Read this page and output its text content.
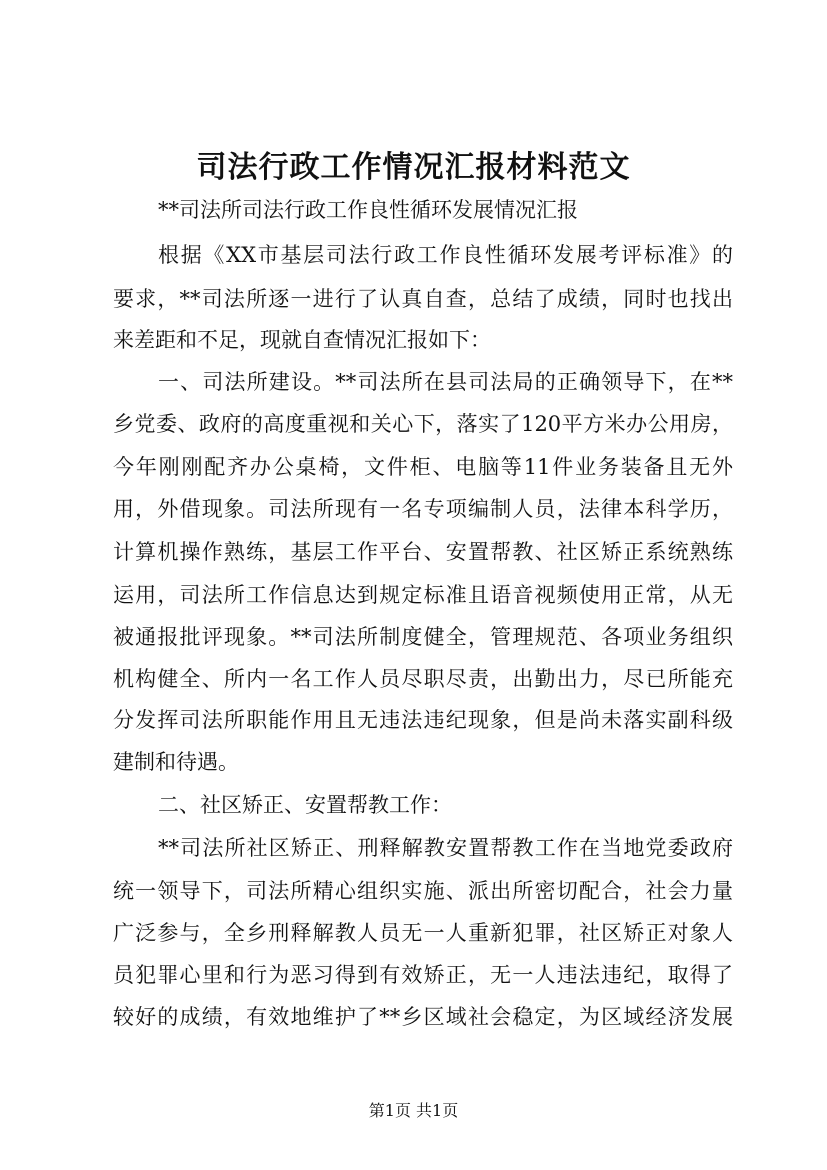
司法行政工作情况汇报材料范文
**司法所司法行政工作良性循环发展情况汇报
根据《XX市基层司法行政工作良性循环发展考评标准》的
要求，**司法所逐一进行了认真自查，总结了成绩，同时也找出
来差距和不足，现就自查情况汇报如下：
一、司法所建设。**司法所在县司法局的正确领导下，在**
乡党委、政府的高度重视和关心下，落实了120平方米办公用房，
今年刚刚配齐办公桌椅，文件柜、电脑等11件业务装备且无外
用，外借现象。司法所现有一名专项编制人员，法律本科学历，
计算机操作熟练，基层工作平台、安置帮教、社区矫正系统熟练
运用，司法所工作信息达到规定标准且语音视频使用正常，从无
被通报批评现象。**司法所制度健全，管理规范、各项业务组织
机构健全、所内一名工作人员尽职尽责，出勤出力，尽已所能充
分发挥司法所职能作用且无违法违纪现象，但是尚未落实副科级
建制和待遇。
二、社区矫正、安置帮教工作：
**司法所社区矫正、刑释解教安置帮教工作在当地党委政府
统一领导下，司法所精心组织实施、派出所密切配合，社会力量
广泛参与，全乡刑释解教人员无一人重新犯罪，社区矫正对象人
员犯罪心里和行为恶习得到有效矫正，无一人违法违纪，取得了
较好的成绩，有效地维护了**乡区域社会稳定，为区域经济发展
第1页 共1页
